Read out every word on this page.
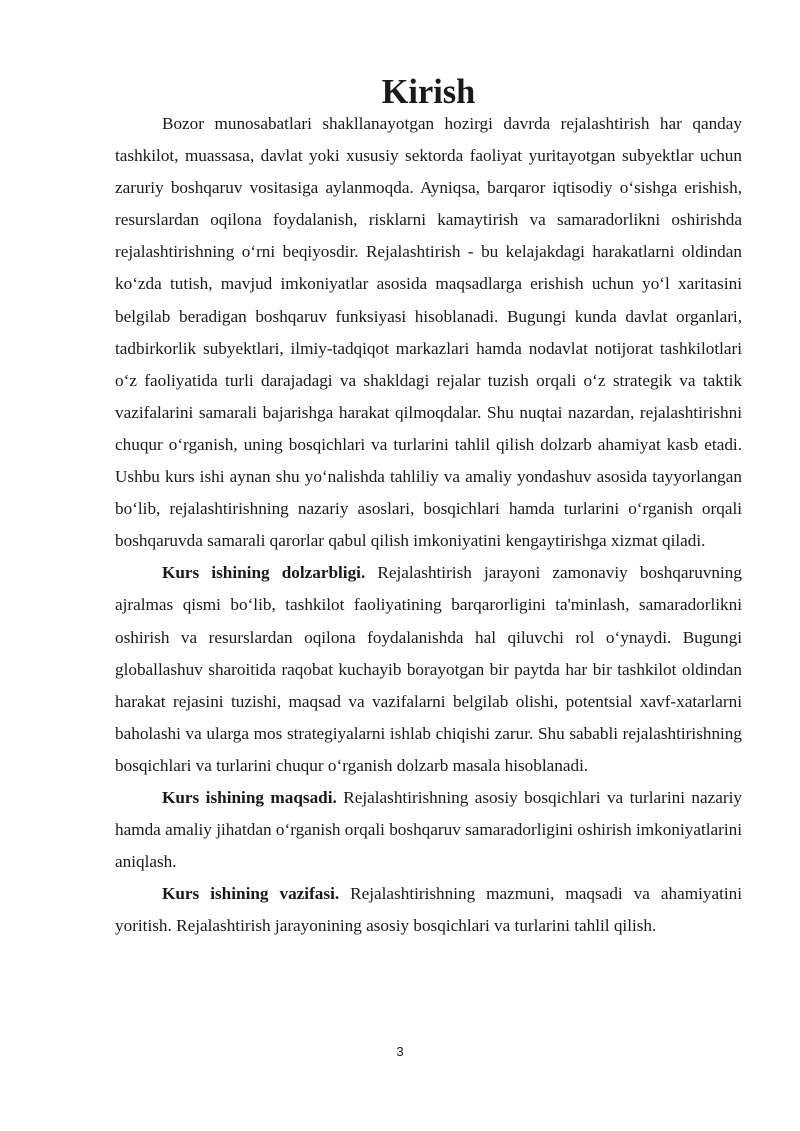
Kirish

Bozor munosabatlari shakllanayotgan hozirgi davrda rejalashtirish har qanday tashkilot, muassasa, davlat yoki xususiy sektorda faoliyat yuritayotgan subyektlar uchun zaruriy boshqaruv vositasiga aylanmoqda. Ayniqsa, barqaror iqtisodiy o‘sishga erishish, resurslardan oqilona foydalanish, risklarni kamaytirish va samaradorlikni oshirishda rejalashtirishning o‘rni beqiyosdir. Rejalashtirish - bu kelajakdagi harakatlarni oldindan ko‘zda tutish, mavjud imkoniyatlar asosida maqsadlarga erishish uchun yo‘l xaritasini belgilab beradigan boshqaruv funksiyasi hisoblanadi. Bugungi kunda davlat organlari, tadbirkorlik subyektlari, ilmiy-tadqiqot markazlari hamda nodavlat notijorat tashkilotlari o‘z faoliyatida turli darajadagi va shakldagi rejalar tuzish orqali o‘z strategik va taktik vazifalarini samarali bajarishga harakat qilmoqdalar. Shu nuqtai nazardan, rejalashtirishni chuqur o‘rganish, uning bosqichlari va turlarini tahlil qilish dolzarb ahamiyat kasb etadi. Ushbu kurs ishi aynan shu yo‘nalishda tahliliy va amaliy yondashuv asosida tayyorlangan bo‘lib, rejalashtirishning nazariy asoslari, bosqichlari hamda turlarini o‘rganish orqali boshqaruvda samarali qarorlar qabul qilish imkoniyatini kengaytirishga xizmat qiladi.

Kurs ishining dolzarbligi. Rejalashtirish jarayoni zamonaviy boshqaruvning ajralmas qismi bo‘lib, tashkilot faoliyatining barqarorligini ta'minlash, samaradorlikni oshirish va resurslardan oqilona foydalanishda hal qiluvchi rol o‘ynaydi. Bugungi globallashuv sharoitida raqobat kuchayib borayotgan bir paytda har bir tashkilot oldindan harakat rejasini tuzishi, maqsad va vazifalarni belgilab olishi, potentsial xavf-xatarlarni baholashi va ularga mos strategiyalarni ishlab chiqishi zarur. Shu sababli rejalashtirishning bosqichlari va turlarini chuqur o‘rganish dolzarb masala hisoblanadi.

Kurs ishining maqsadi. Rejalashtirishning asosiy bosqichlari va turlarini nazariy hamda amaliy jihatdan o‘rganish orqali boshqaruv samaradorligini oshirish imkoniyatlarini aniqlash.

Kurs ishining vazifasi. Rejalashtirishning mazmuni, maqsadi va ahamiyatini yoritish. Rejalashtirish jarayonining asosiy bosqichlari va turlarini tahlil qilish.

3
